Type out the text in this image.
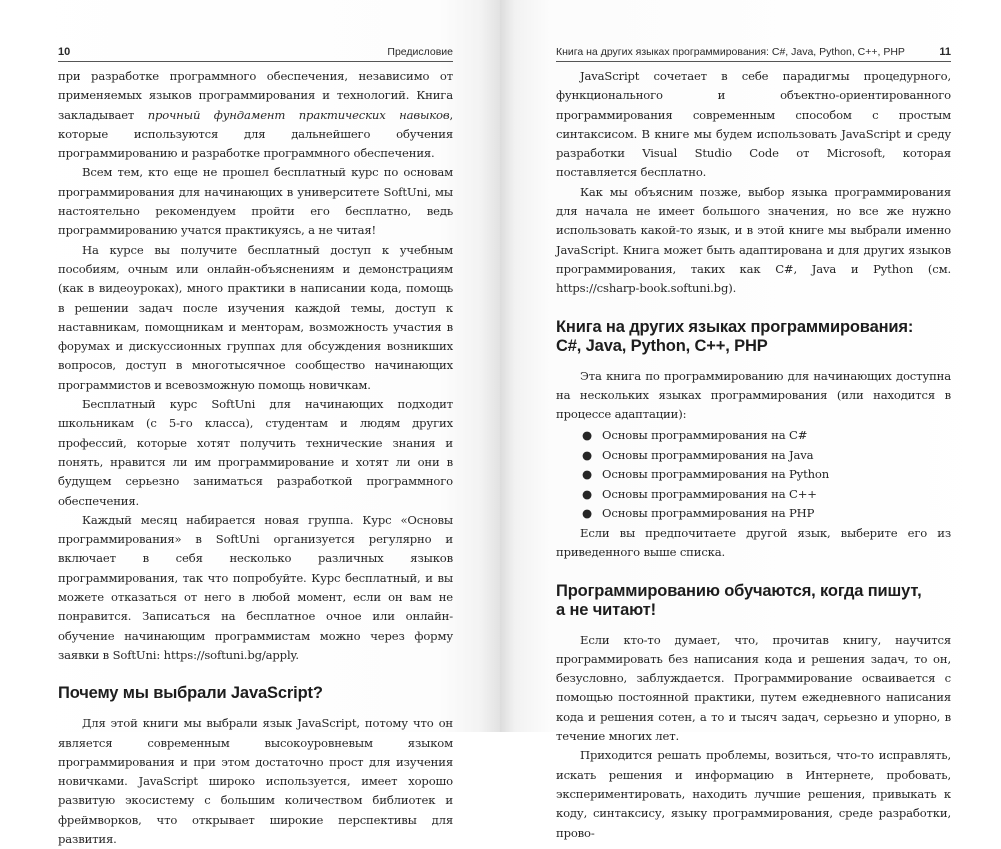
10	Предисловие

при разработке программного обеспечения, независимо от применяемых языков программирования и технологий. Книга закладывает прочный фундамент практических навыков, которые используются для дальнейшего обучения программированию и разработке программного обеспечения.

Всем тем, кто еще не прошел бесплатный курс по основам программирования для начинающих в университете SoftUni, мы настоятельно рекомендуем пройти его бесплатно, ведь программированию учатся практикуясь, а не читая!

На курсе вы получите бесплатный доступ к учебным пособиям, очным или онлайн-объяснениям и демонстрациям (как в видеоуроках), много практики в написании кода, помощь в решении задач после изучения каждой темы, доступ к наставникам, помощникам и менторам, возможность участия в форумах и дискуссионных группах для обсуждения возникших вопросов, доступ в многотысячное сообщество начинающих программистов и всевозможную помощь новичкам.

Бесплатный курс SoftUni для начинающих подходит школьникам (с 5-го класса), студентам и людям других профессий, которые хотят получить технические знания и понять, нравится ли им программирование и хотят ли они в будущем серьезно заниматься разработкой программного обеспечения.

Каждый месяц набирается новая группа. Курс «Основы программирования» в SoftUni организуется регулярно и включает в себя несколько различных языков программирования, так что попробуйте. Курс бесплатный, и вы можете отказаться от него в любой момент, если он вам не понравится. Записаться на бесплатное очное или онлайн-обучение начинающим программистам можно через форму заявки в SoftUni: https://softuni.bg/apply.

Почему мы выбрали JavaScript?

Для этой книги мы выбрали язык JavaScript, потому что он является современным высокоуровневым языком программирования и при этом достаточно прост для изучения новичками. JavaScript широко используется, имеет хорошо развитую экосистему с большим количеством библиотек и фреймворков, что открывает широкие перспективы для развития.

Книга на других языках программирования: C#, Java, Python, C++, PHP	11

JavaScript сочетает в себе парадигмы процедурного, функционального и объектно-ориентированного программирования современным способом с простым синтаксисом. В книге мы будем использовать JavaScript и среду разработки Visual Studio Code от Microsoft, которая поставляется бесплатно.

Как мы объясним позже, выбор языка программирования для начала не имеет большого значения, но все же нужно использовать какой-то язык, и в этой книге мы выбрали именно JavaScript. Книга может быть адаптирована и для других языков программирования, таких как C#, Java и Python (см. https://csharp-book.softuni.bg).

Книга на других языках программирования:
C#, Java, Python, C++, PHP

Эта книга по программированию для начинающих доступна на нескольких языках программирования (или находится в процессе адаптации):

● Основы программирования на C#
● Основы программирования на Java
● Основы программирования на Python
● Основы программирования на C++
● Основы программирования на PHP

Если вы предпочитаете другой язык, выберите его из приведенного выше списка.

Программированию обучаются, когда пишут,
а не читают!

Если кто-то думает, что, прочитав книгу, научится программировать без написания кода и решения задач, то он, безусловно, заблуждается. Программирование осваивается с помощью постоянной практики, путем ежедневного написания кода и решения сотен, а то и тысяч задач, серьезно и упорно, в течение многих лет.

Приходится решать проблемы, возиться, что-то исправлять, искать решения и информацию в Интернете, пробовать, экспериментировать, находить лучшие решения, привыкать к коду, синтаксису, языку программирования, среде разработки, прово-
